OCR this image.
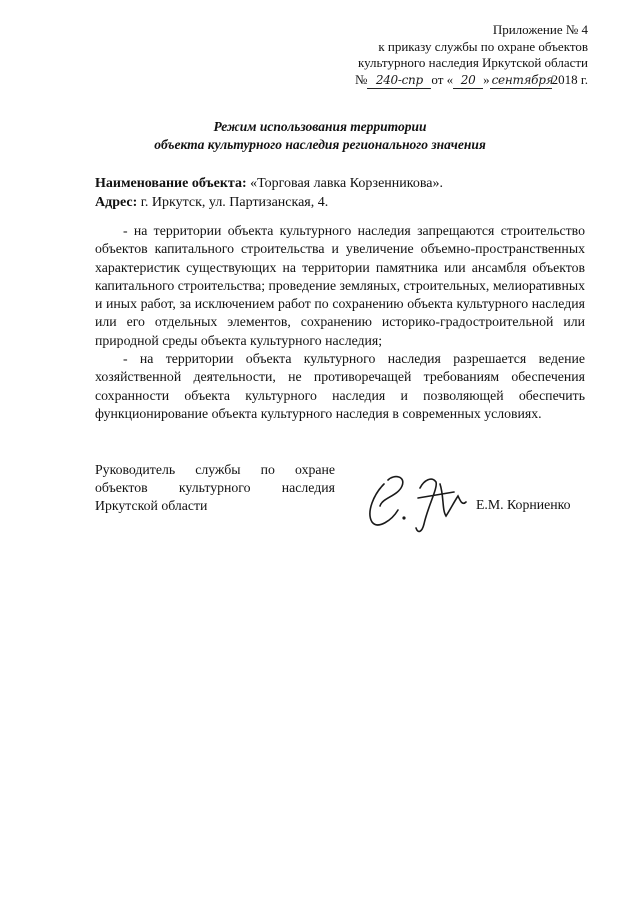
Приложение № 4
к приказу службы по охране объектов
культурного наследия Иркутской области
№ 240-спр от « 20 » сентября2018 г.
Режим использования территории
объекта культурного наследия регионального значения
Наименование объекта: «Торговая лавка Корзенникова».
Адрес: г. Иркутск, ул. Партизанская, 4.

- на территории объекта культурного наследия запрещаются строительство объектов капитального строительства и увеличение объемно-пространственных характеристик существующих на территории памятника или ансамбля объектов капитального строительства; проведение земляных, строительных, мелиоративных и иных работ, за исключением работ по сохранению объекта культурного наследия или его отдельных элементов, сохранению историко-градостроительной или природной среды объекта культурного наследия;

- на территории объекта культурного наследия разрешается ведение хозяйственной деятельности, не противоречащей требованиям обеспечения сохранности объекта культурного наследия и позволяющей обеспечить функционирование объекта культурного наследия в современных условиях.

Руководитель службы по охране
объектов культурного наследия
Иркутской области	Е.М. Корниенко
